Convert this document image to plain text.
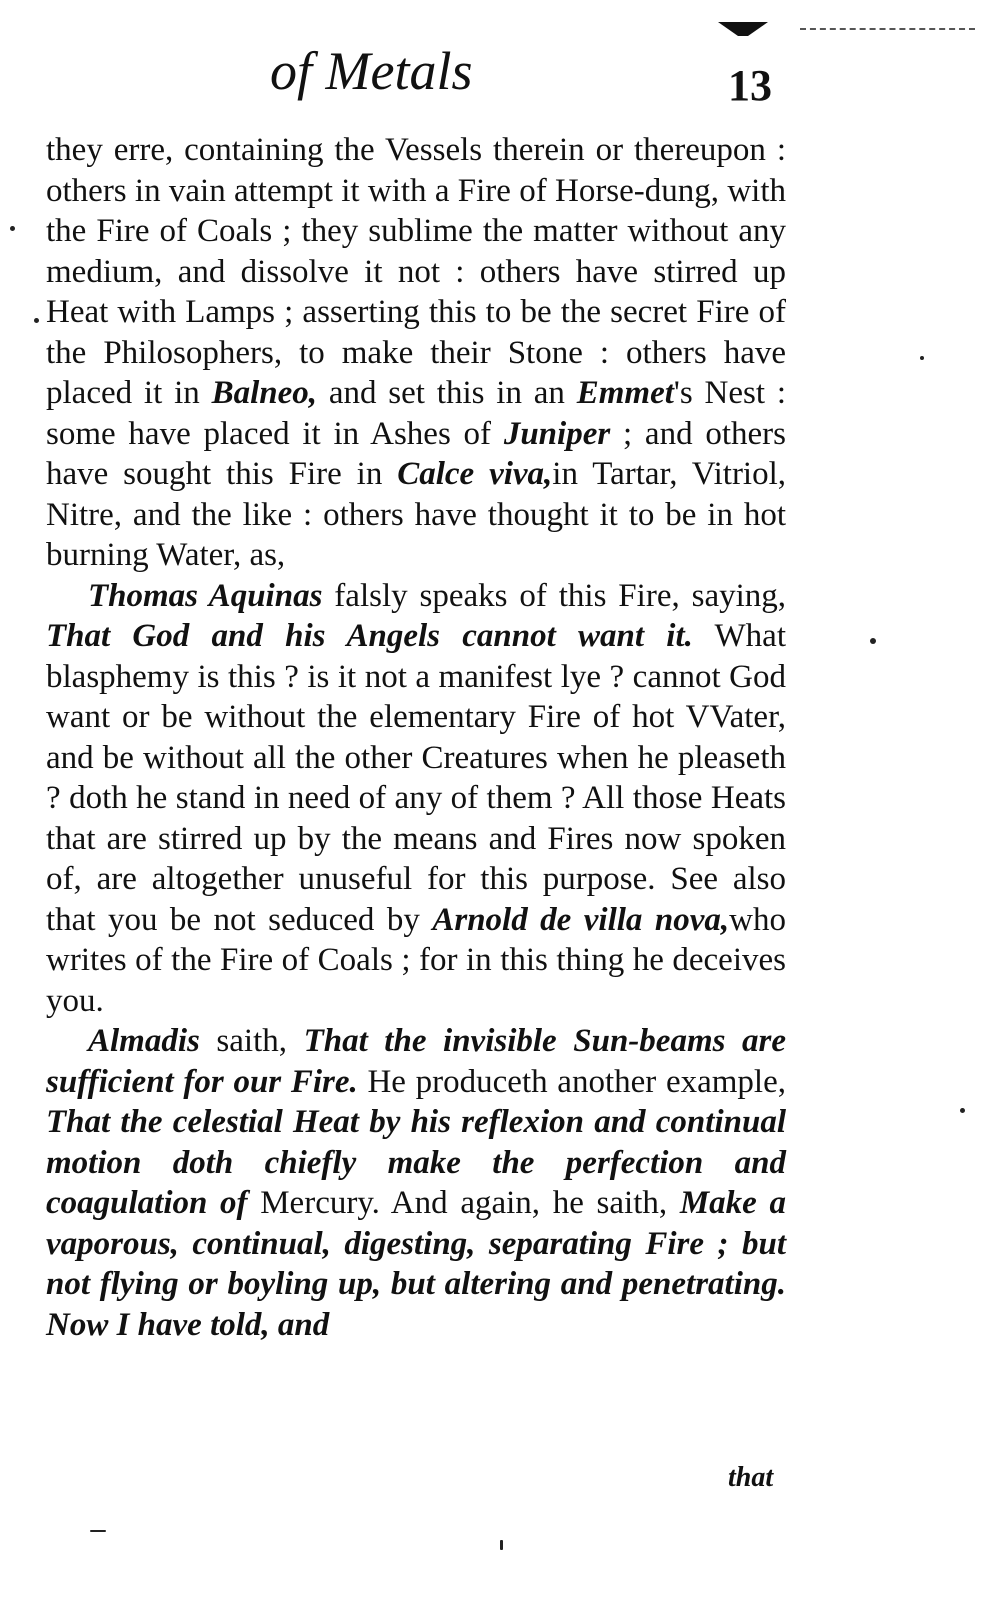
of Metals	13

they erre, containing the Vessels therein or thereupon : others in vain attempt it with a Fire of Horse-dung, with the Fire of Coals ; they sublime the matter without any medium, and dissolve it not : others have stirred up Heat with Lamps ; asserting this to be the secret Fire of the Philosophers, to make their Stone : others have placed it in Balneo, and set this in an Emmet's Nest : some have placed it in Ashes of Juniper ; and others have sought this Fire in Calce viva,in Tartar, Vitriol, Nitre, and the like : others have thought it to be in hot burning Water, as,

Thomas Aquinas falsly speaks of this Fire, saying, That God and his Angels cannot want it. What blasphemy is this ? is it not a manifest lye ? cannot God want or be without the elementary Fire of hot VVater, and be without all the other Creatures when he pleaseth ? doth he stand in need of any of them ? All those Heats that are stirred up by the means and Fires now spoken of, are altogether unuseful for this purpose. See also that you be not seduced by Arnold de villa nova,who writes of the Fire of Coals ; for in this thing he deceives you.

Almadis saith, That the invisible Sun-beams are sufficient for our Fire. He produceth another example, That the celestial Heat by his reflexion and continual motion doth chiefly make the perfection and coagulation of Mercury. And again, he saith, Make a vaporous, continual, digesting, separating Fire ; but not flying or boyling up, but altering and penetrating. Now I have told, and

that
